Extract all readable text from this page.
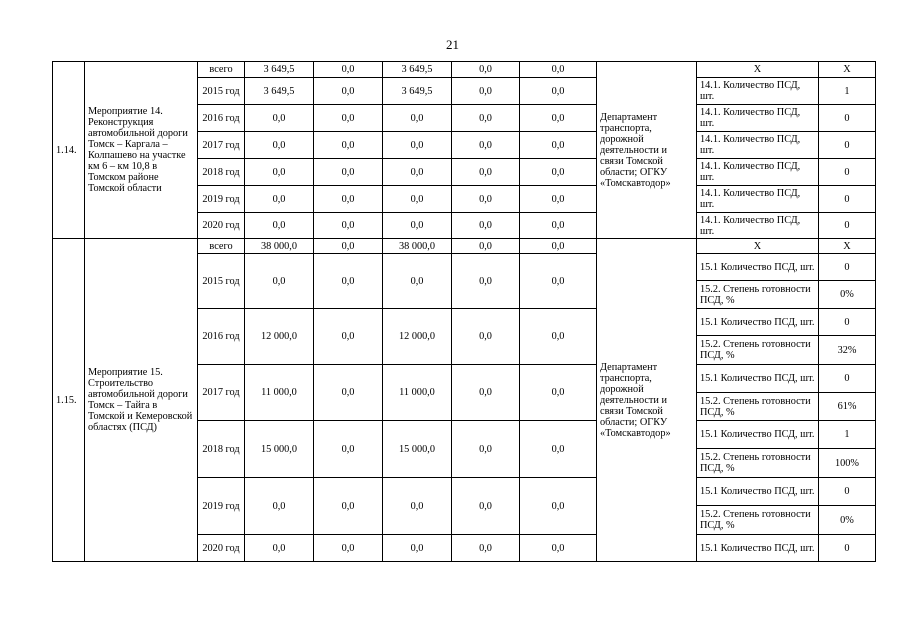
21
1.14.	Мероприятие 14. Реконструкция автомобильной дороги Томск – Каргала – Колпашево на участке км 6 – км 10,8 в Томском районе Томской области	всего	3 649,5	0,0	3 649,5	0,0	0,0	Департамент транспорта, дорожной деятельности и связи Томской области; ОГКУ «Томскавтодор»	Х	Х
		2015 год	3 649,5	0,0	3 649,5	0,0	0,0		14.1. Количество ПСД, шт.	1
		2016 год	0,0	0,0	0,0	0,0	0,0		14.1. Количество ПСД, шт.	0
		2017 год	0,0	0,0	0,0	0,0	0,0		14.1. Количество ПСД, шт.	0
		2018 год	0,0	0,0	0,0	0,0	0,0		14.1. Количество ПСД, шт.	0
		2019 год	0,0	0,0	0,0	0,0	0,0		14.1. Количество ПСД, шт.	0
		2020 год	0,0	0,0	0,0	0,0	0,0		14.1. Количество ПСД, шт.	0
1.15.	Мероприятие 15. Строительство автомобильной дороги Томск – Тайга в Томской и Кемеровской областях (ПСД)	всего	38 000,0	0,0	38 000,0	0,0	0,0	Департамент транспорта, дорожной деятельности и связи Томской области; ОГКУ «Томскавтодор»	Х	Х
		2015 год	0,0	0,0	0,0	0,0	0,0		15.1 Количество ПСД, шт.	0
									15.2. Степень готовности ПСД, %	0%
		2016 год	12 000,0	0,0	12 000,0	0,0	0,0		15.1 Количество ПСД, шт.	0
									15.2. Степень готовности ПСД, %	32%
		2017 год	11 000,0	0,0	11 000,0	0,0	0,0		15.1 Количество ПСД, шт.	0
									15.2. Степень готовности ПСД, %	61%
		2018 год	15 000,0	0,0	15 000,0	0,0	0,0		15.1 Количество ПСД, шт.	1
									15.2. Степень готовности ПСД, %	100%
		2019 год	0,0	0,0	0,0	0,0	0,0		15.1 Количество ПСД, шт.	0
									15.2. Степень готовности ПСД, %	0%
		2020 год	0,0	0,0	0,0	0,0	0,0		15.1 Количество ПСД, шт.	0
